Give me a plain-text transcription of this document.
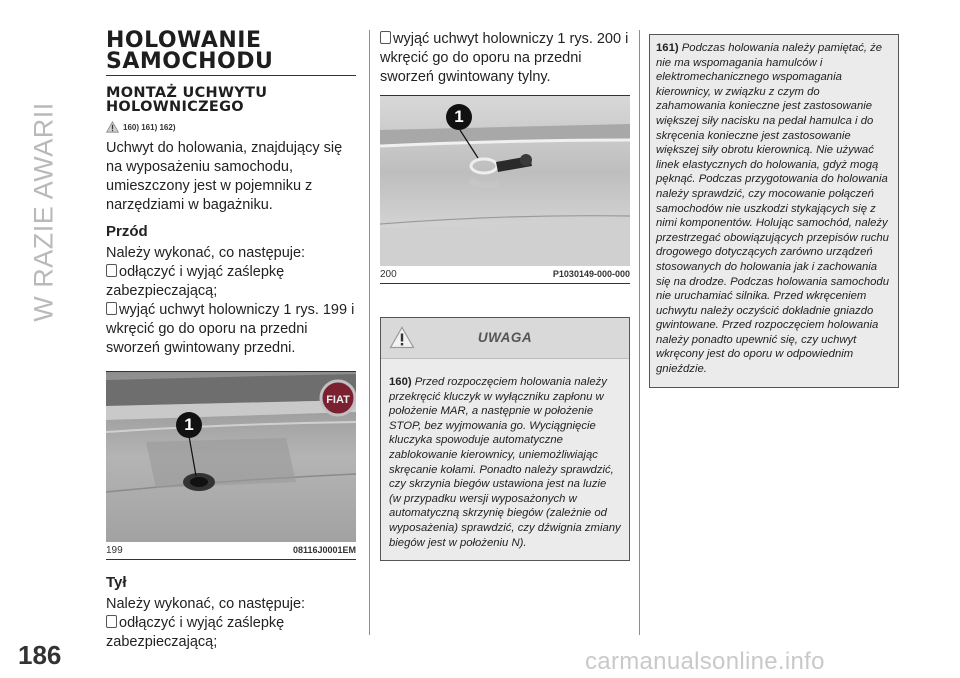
W RAZIE AWARII
186
HOLOWANIE
SAMOCHODU
MONTAŻ UCHWYTU
HOLOWNICZEGO
160) 161) 162)

Uchwyt do holowania, znajdujący się na wyposażeniu samochodu, umieszczony jest w pojemniku z narzędziami w bagażniku.

Przód

Należy wykonać, co następuje:

odłączyć i wyjąć zaślepkę zabezpieczającą;

wyjąć uchwyt holowniczy 1 rys. 199 i wkręcić go do oporu na przedni sworzeń gwintowany przedni.

FIAT
1
199	08116J0001EM
Tył

Należy wykonać, co następuje:

odłączyć i wyjąć zaślepkę zabezpieczającą;

wyjąć uchwyt holowniczy 1 rys. 200 i wkręcić go do oporu na przedni sworzeń gwintowany tylny.

1
200	P1030149-000-000
UWAGA
160) Przed rozpoczęciem holowania należy przekręcić kluczyk w wyłączniku zapłonu w położenie MAR, a następnie w położenie STOP, bez wyjmowania go. Wyciągnięcie kluczyka spowoduje automatyczne zablokowanie kierownicy, uniemożliwiając skręcanie kołami. Ponadto należy sprawdzić, czy skrzynia biegów ustawiona jest na luzie (w przypadku wersji wyposażonych w automatyczną skrzynię biegów (zależnie od wyposażenia) sprawdzić, czy dźwignia zmiany biegów jest w położeniu N).
161) Podczas holowania należy pamiętać, że nie ma wspomagania hamulców i elektromechanicznego wspomagania kierownicy, w związku z czym do zahamowania konieczne jest zastosowanie większej siły nacisku na pedał hamulca i do skręcenia konieczne jest zastosowanie większej siły obrotu kierownicą. Nie używać linek elastycznych do holowania, gdyż mogą pęknąć. Podczas przygotowania do holowania należy sprawdzić, czy mocowanie połączeń samochodów nie uszkodzi stykających się z nimi komponentów. Holując samochód, należy przestrzegać obowiązujących przepisów ruchu drogowego dotyczących zarówno urządzeń stosowanych do holowania jak i zachowania się na drodze. Podczas holowania samochodu nie uruchamiać silnika. Przed wkręceniem uchwytu należy oczyścić dokładnie gniazdo gwintowane. Przed rozpoczęciem holowania należy ponadto upewnić się, czy uchwyt wkręcony jest do oporu w odpowiednim gnieździe.
carmanualsonline.info
